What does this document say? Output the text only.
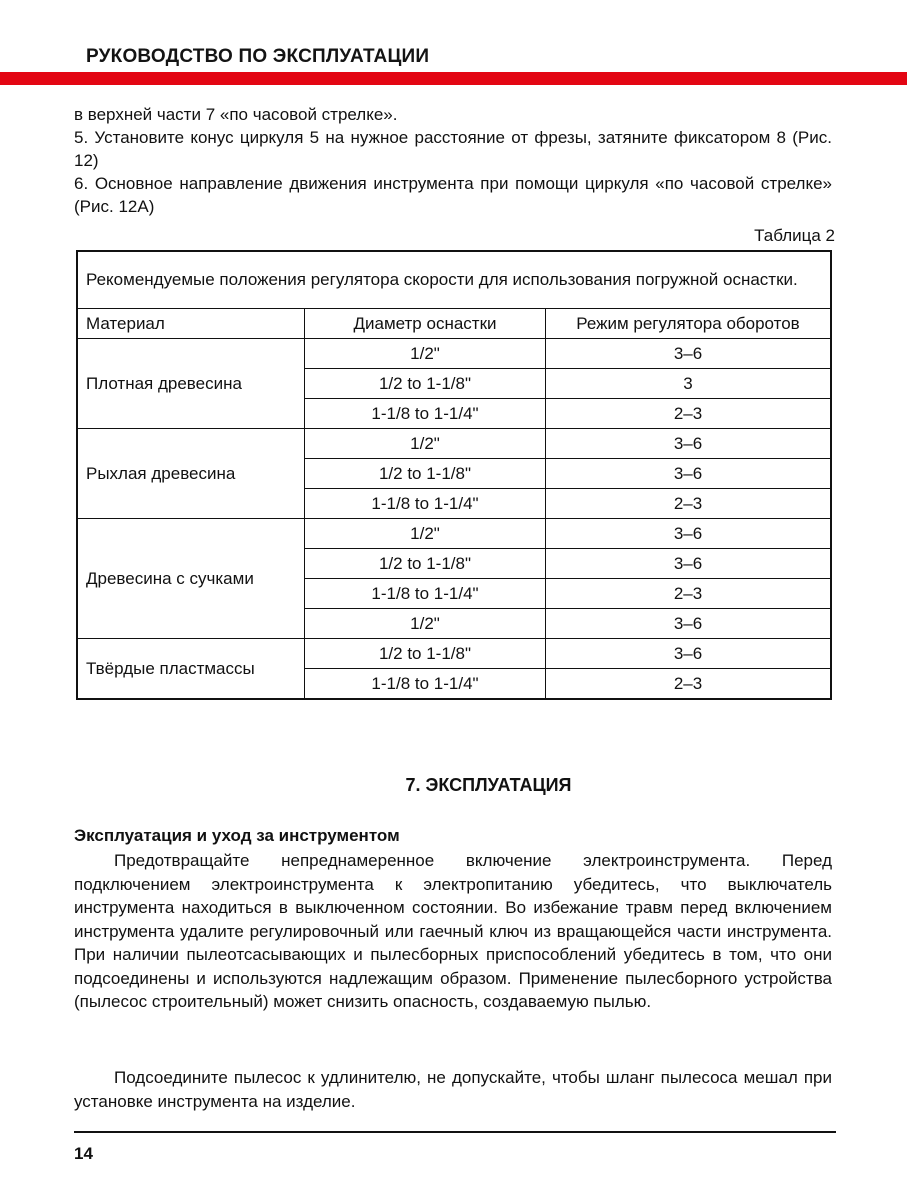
РУКОВОДСТВО ПО ЭКСПЛУАТАЦИИ

в верхней части 7 «по часовой стрелке».

5. Установите конус циркуля 5 на нужное расстояние от фрезы, затяните фиксатором 8 (Рис. 12)

6. Основное направление движения инструмента при помощи циркуля «по часовой стрелке» (Рис. 12А)

Таблица 2
Рекомендуемые положения регулятора скорости для использования погружной оснастки.		
Материал	Диаметр оснастки	Режим регулятора оборотов
Плотная древесина	1/2"	3–6
	1/2 to 1-1/8"	3
	1-1/8 to 1-1/4"	2–3
Рыхлая древесина	1/2"	3–6
	1/2 to 1-1/8"	3–6
	1-1/8 to 1-1/4"	2–3
Древесина с сучками	1/2"	3–6
	1/2 to 1-1/8"	3–6
	1-1/8 to 1-1/4"	2–3
	1/2"	3–6
Твёрдые пластмассы	1/2 to 1-1/8"	3–6
	1-1/8 to 1-1/4"	2–3
7. ЭКСПЛУАТАЦИЯ
Эксплуатация и уход за инструментом

Предотвращайте непреднамеренное включение электроинструмента. Перед подключением электроинструмента к электропитанию убедитесь, что выключатель инструмента находиться в выключенном состоянии. Во избежание травм перед включением инструмента удалите регулировочный или гаечный ключ из вращающейся части инструмента. При наличии пылеотсасывающих и пылесборных приспособлений убедитесь в том, что они подсоединены и используются надлежащим образом. Применение пылесборного устройства (пылесос строительный) может снизить опасность, создаваемую пылью.

Подсоедините пылесос к удлинителю, не допускайте, чтобы шланг пылесоса мешал при установке инструмента на изделие.

14
